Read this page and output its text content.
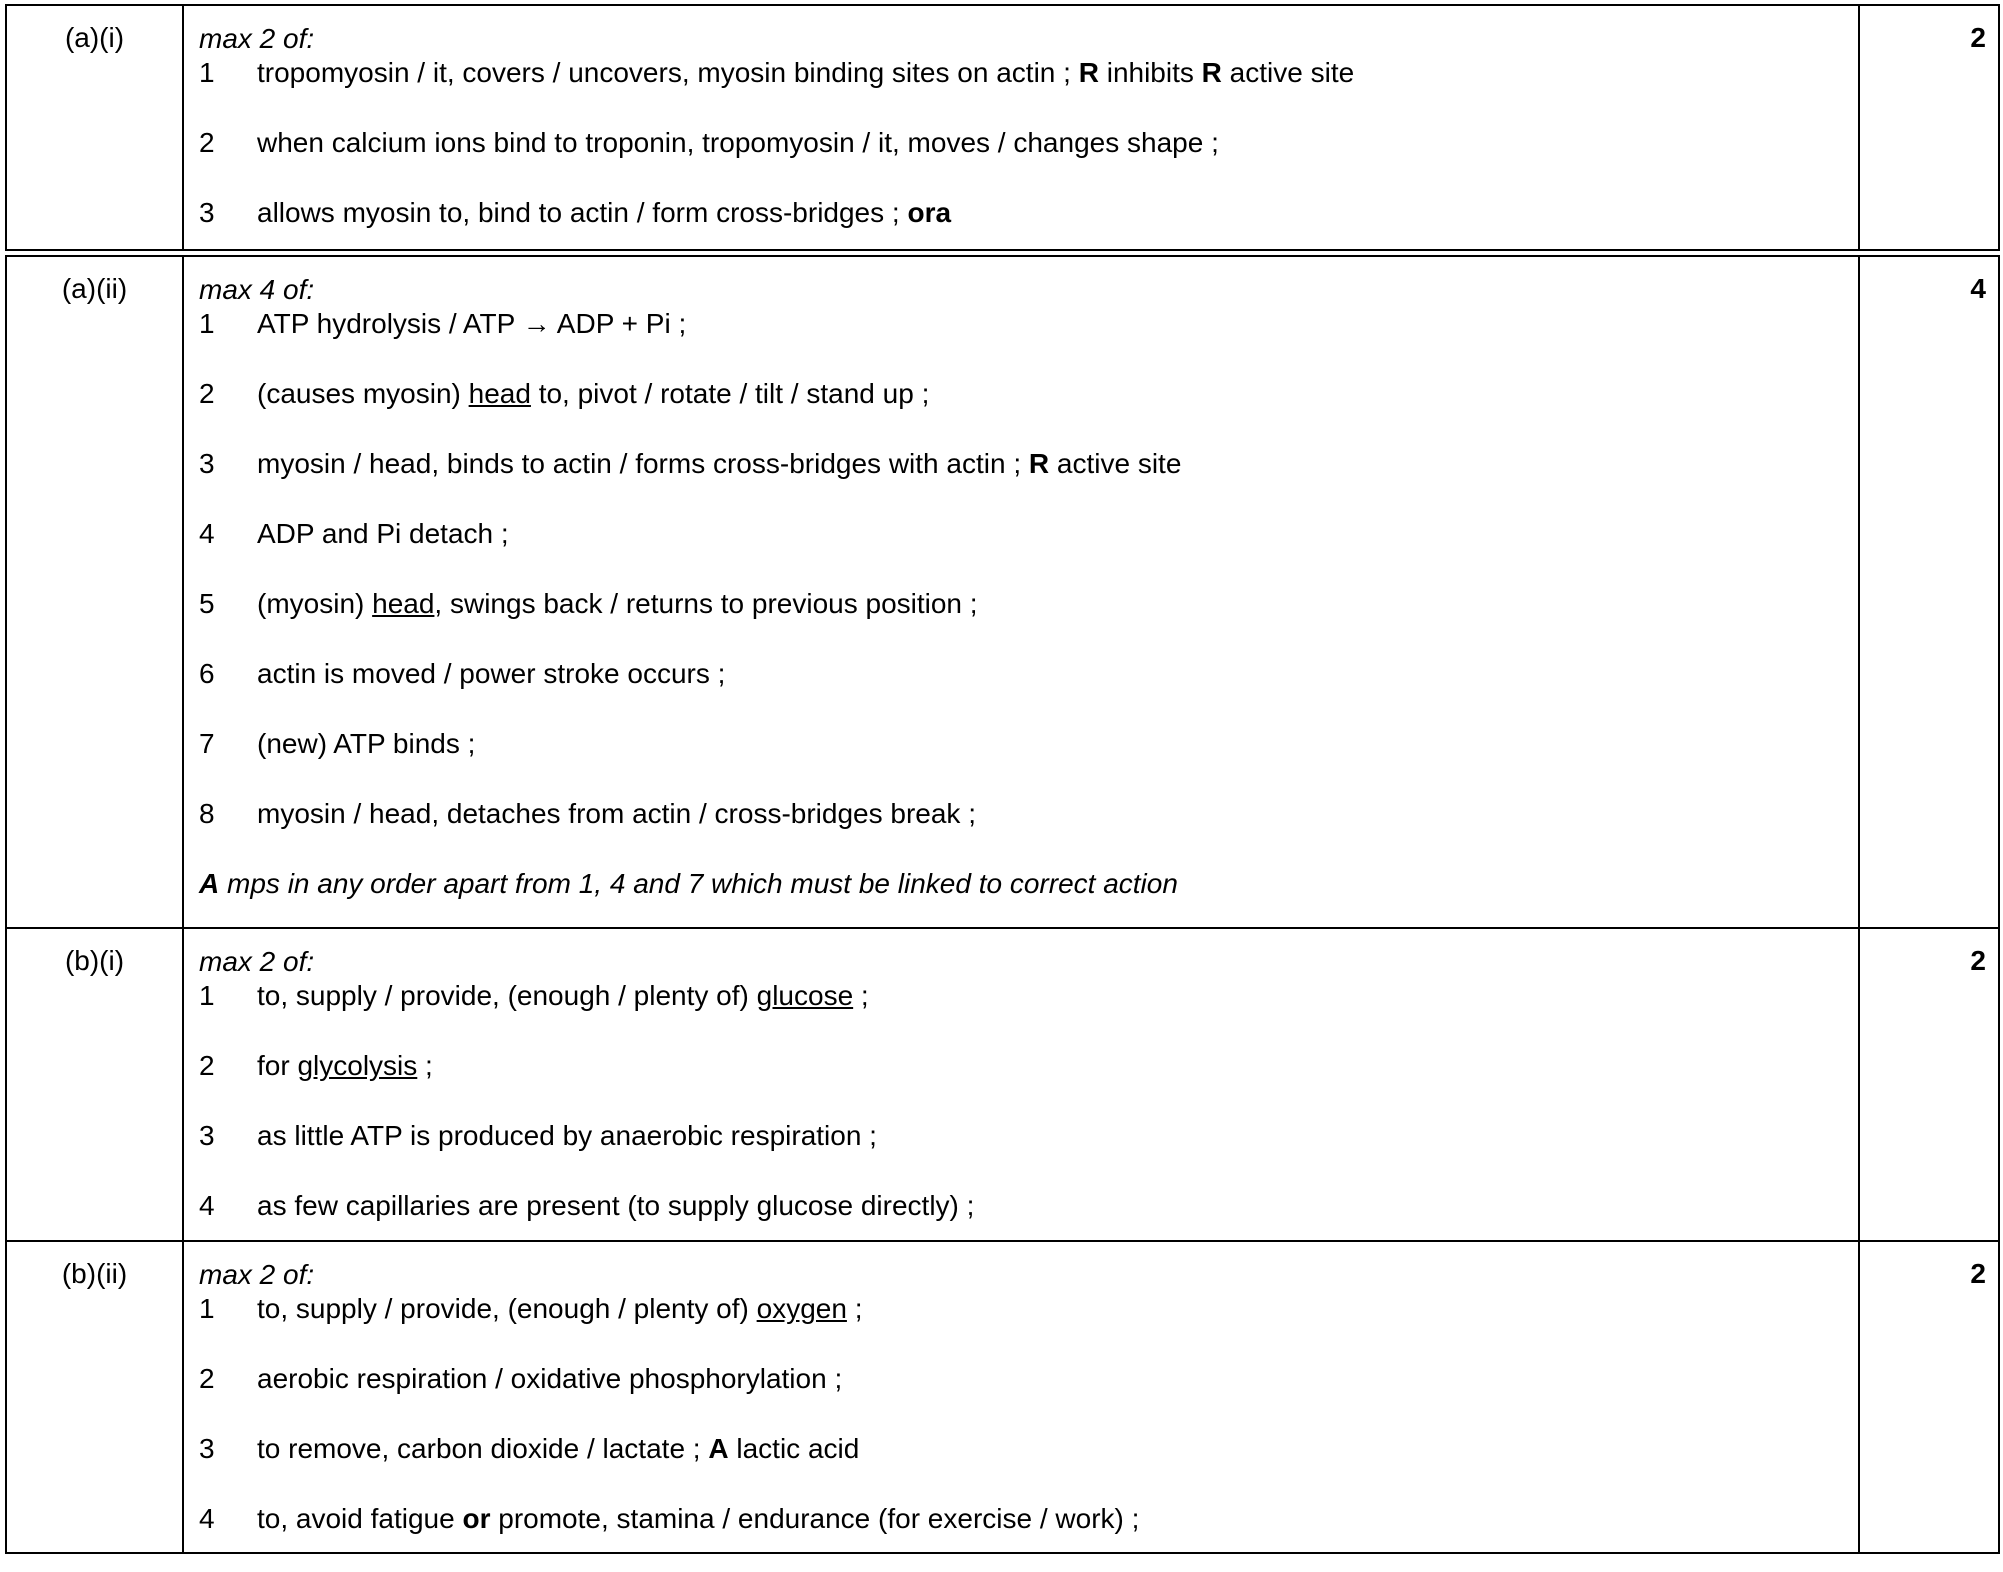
(a)(i)	2
max 2 of:
1 tropomyosin / it, covers / uncovers, myosin binding sites on actin ; R inhibits R active site
2 when calcium ions bind to troponin, tropomyosin / it, moves / changes shape ;
3 allows myosin to, bind to actin / form cross-bridges ; ora
(a)(ii)	4
max 4 of:
1 ATP hydrolysis / ATP → ADP + Pi ;
2 (causes myosin) head to, pivot / rotate / tilt / stand up ;
3 myosin / head, binds to actin / forms cross-bridges with actin ; R active site
4 ADP and Pi detach ;
5 (myosin) head, swings back / returns to previous position ;
6 actin is moved / power stroke occurs ;
7 (new) ATP binds ;
8 myosin / head, detaches from actin / cross-bridges break ;
A mps in any order apart from 1, 4 and 7 which must be linked to correct action
(b)(i)	2
max 2 of:
1 to, supply / provide, (enough / plenty of) glucose ;
2 for glycolysis ;
3 as little ATP is produced by anaerobic respiration ;
4 as few capillaries are present (to supply glucose directly) ;
(b)(ii)	2
max 2 of:
1 to, supply / provide, (enough / plenty of) oxygen ;
2 aerobic respiration / oxidative phosphorylation ;
3 to remove, carbon dioxide / lactate ; A lactic acid
4 to, avoid fatigue or promote, stamina / endurance (for exercise / work) ;
